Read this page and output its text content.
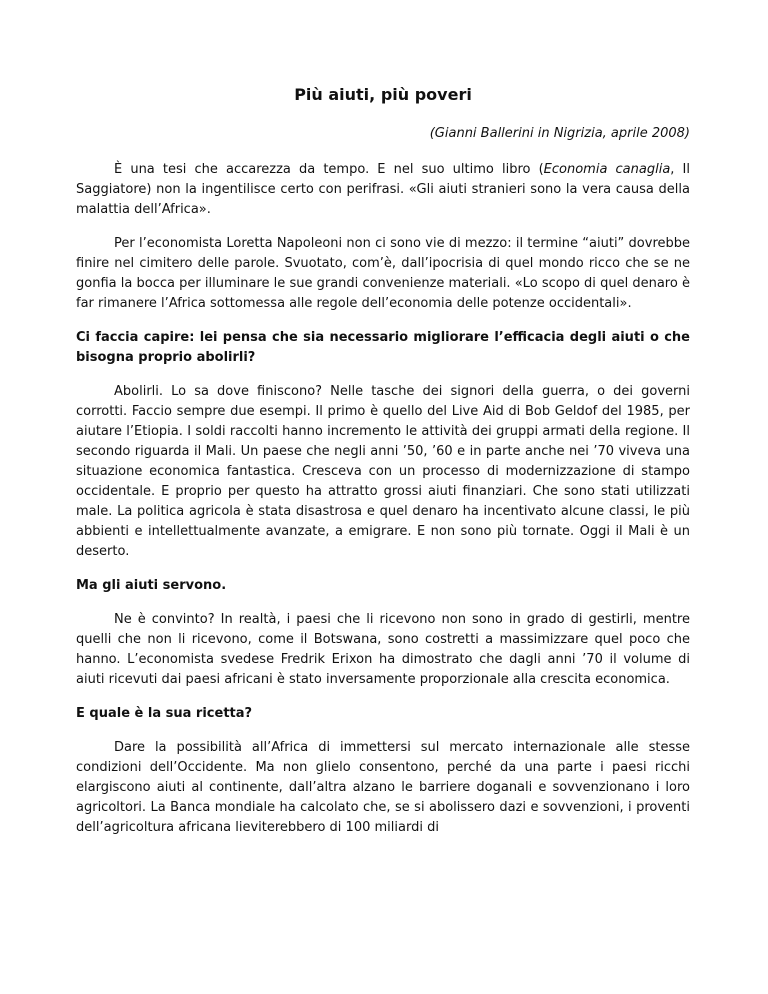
Più aiuti, più poveri
(Gianni Ballerini in Nigrizia, aprile 2008)

È una tesi che accarezza da tempo. E nel suo ultimo libro (Economia canaglia, Il Saggiatore) non la ingentilisce certo con perifrasi. «Gli aiuti stranieri sono la vera causa della malattia dell’Africa».

Per l’economista Loretta Napoleoni non ci sono vie di mezzo: il termine “aiuti” dovrebbe finire nel cimitero delle parole. Svuotato, com’è, dall’ipocrisia di quel mondo ricco che se ne gonfia la bocca per illuminare le sue grandi convenienze materiali. «Lo scopo di quel denaro è far rimanere l’Africa sottomessa alle regole dell’economia delle potenze occidentali».

Ci faccia capire: lei pensa che sia necessario migliorare l’efficacia degli aiuti o che bisogna proprio abolirli?

Abolirli. Lo sa dove finiscono? Nelle tasche dei signori della guerra, o dei governi corrotti. Faccio sempre due esempi. Il primo è quello del Live Aid di Bob Geldof del 1985, per aiutare l’Etiopia. I soldi raccolti hanno incremento le attività dei gruppi armati della regione. Il secondo riguarda il Mali. Un paese che negli anni ’50, ’60 e in parte anche nei ’70 viveva una situazione economica fantastica. Cresceva con un processo di modernizzazione di stampo occidentale. E proprio per questo ha attratto grossi aiuti finanziari. Che sono stati utilizzati male. La politica agricola è stata disastrosa e quel denaro ha incentivato alcune classi, le più abbienti e intellettualmente avanzate, a emigrare. E non sono più tornate. Oggi il Mali è un deserto.

Ma gli aiuti servono.

Ne è convinto? In realtà, i paesi che li ricevono non sono in grado di gestirli, mentre quelli che non li ricevono, come il Botswana, sono costretti a massimizzare quel poco che hanno. L’economista svedese Fredrik Erixon ha dimostrato che dagli anni ’70 il volume di aiuti ricevuti dai paesi africani è stato inversamente proporzionale alla crescita economica.

E quale è la sua ricetta?

Dare la possibilità all’Africa di immettersi sul mercato internazionale alle stesse condizioni dell’Occidente. Ma non glielo consentono, perché da una parte i paesi ricchi elargiscono aiuti al continente, dall’altra alzano le barriere doganali e sovvenzionano i loro agricoltori. La Banca mondiale ha calcolato che, se si abolissero dazi e sovvenzioni, i proventi dell’agricoltura africana lieviterebbero di 100 miliardi di
